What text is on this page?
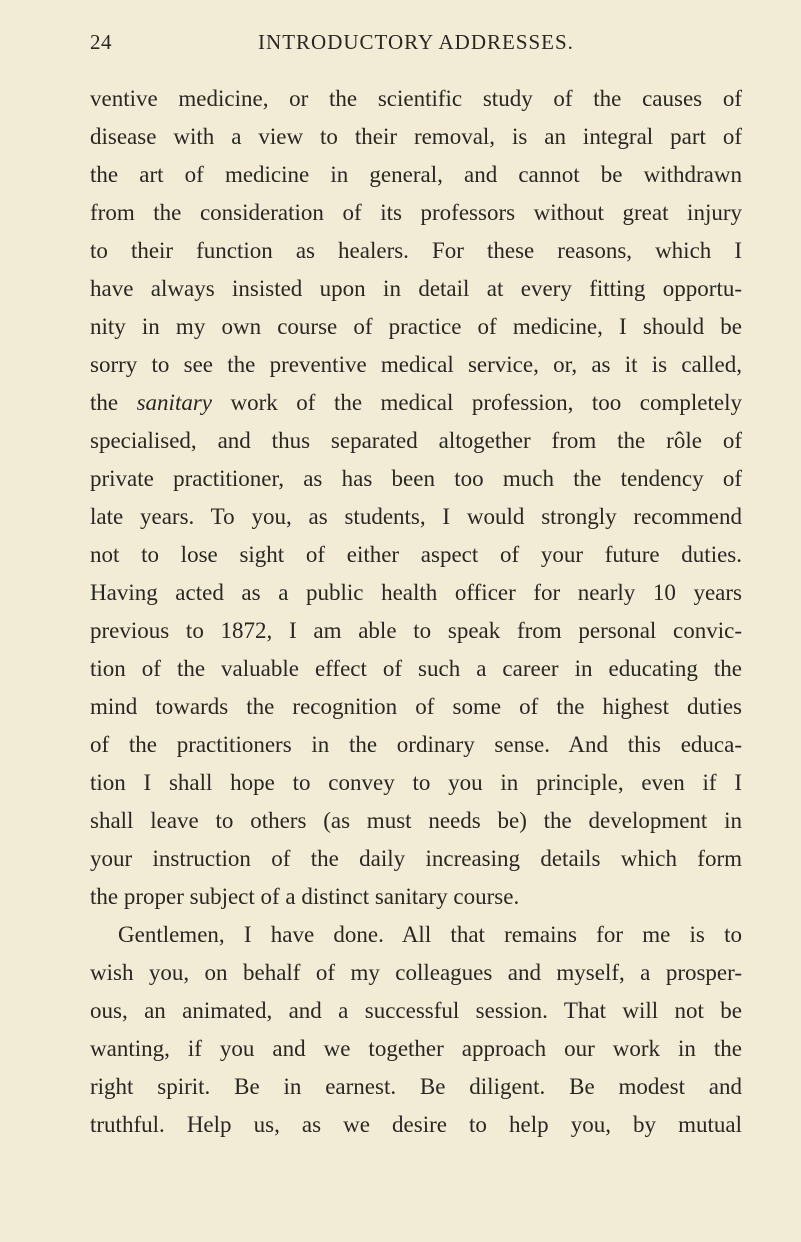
24	INTRODUCTORY ADDRESSES.
ventive medicine, or the scientific study of the causes of
disease with a view to their removal, is an integral part of
the art of medicine in general, and cannot be withdrawn
from the consideration of its professors without great injury
to their function as healers. For these reasons, which I
have always insisted upon in detail at every fitting opportu-
nity in my own course of practice of medicine, I should be
sorry to see the preventive medical service, or, as it is called,
the sanitary work of the medical profession, too completely
specialised, and thus separated altogether from the rôle of
private practitioner, as has been too much the tendency of
late years. To you, as students, I would strongly recommend
not to lose sight of either aspect of your future duties.
Having acted as a public health officer for nearly 10 years
previous to 1872, I am able to speak from personal convic-
tion of the valuable effect of such a career in educating the
mind towards the recognition of some of the highest duties
of the practitioners in the ordinary sense. And this educa-
tion I shall hope to convey to you in principle, even if I
shall leave to others (as must needs be) the development in
your instruction of the daily increasing details which form
the proper subject of a distinct sanitary course.
Gentlemen, I have done. All that remains for me is to
wish you, on behalf of my colleagues and myself, a prosper-
ous, an animated, and a successful session. That will not be
wanting, if you and we together approach our work in the
right spirit. Be in earnest. Be diligent. Be modest and
truthful. Help us, as we desire to help you, by mutual
